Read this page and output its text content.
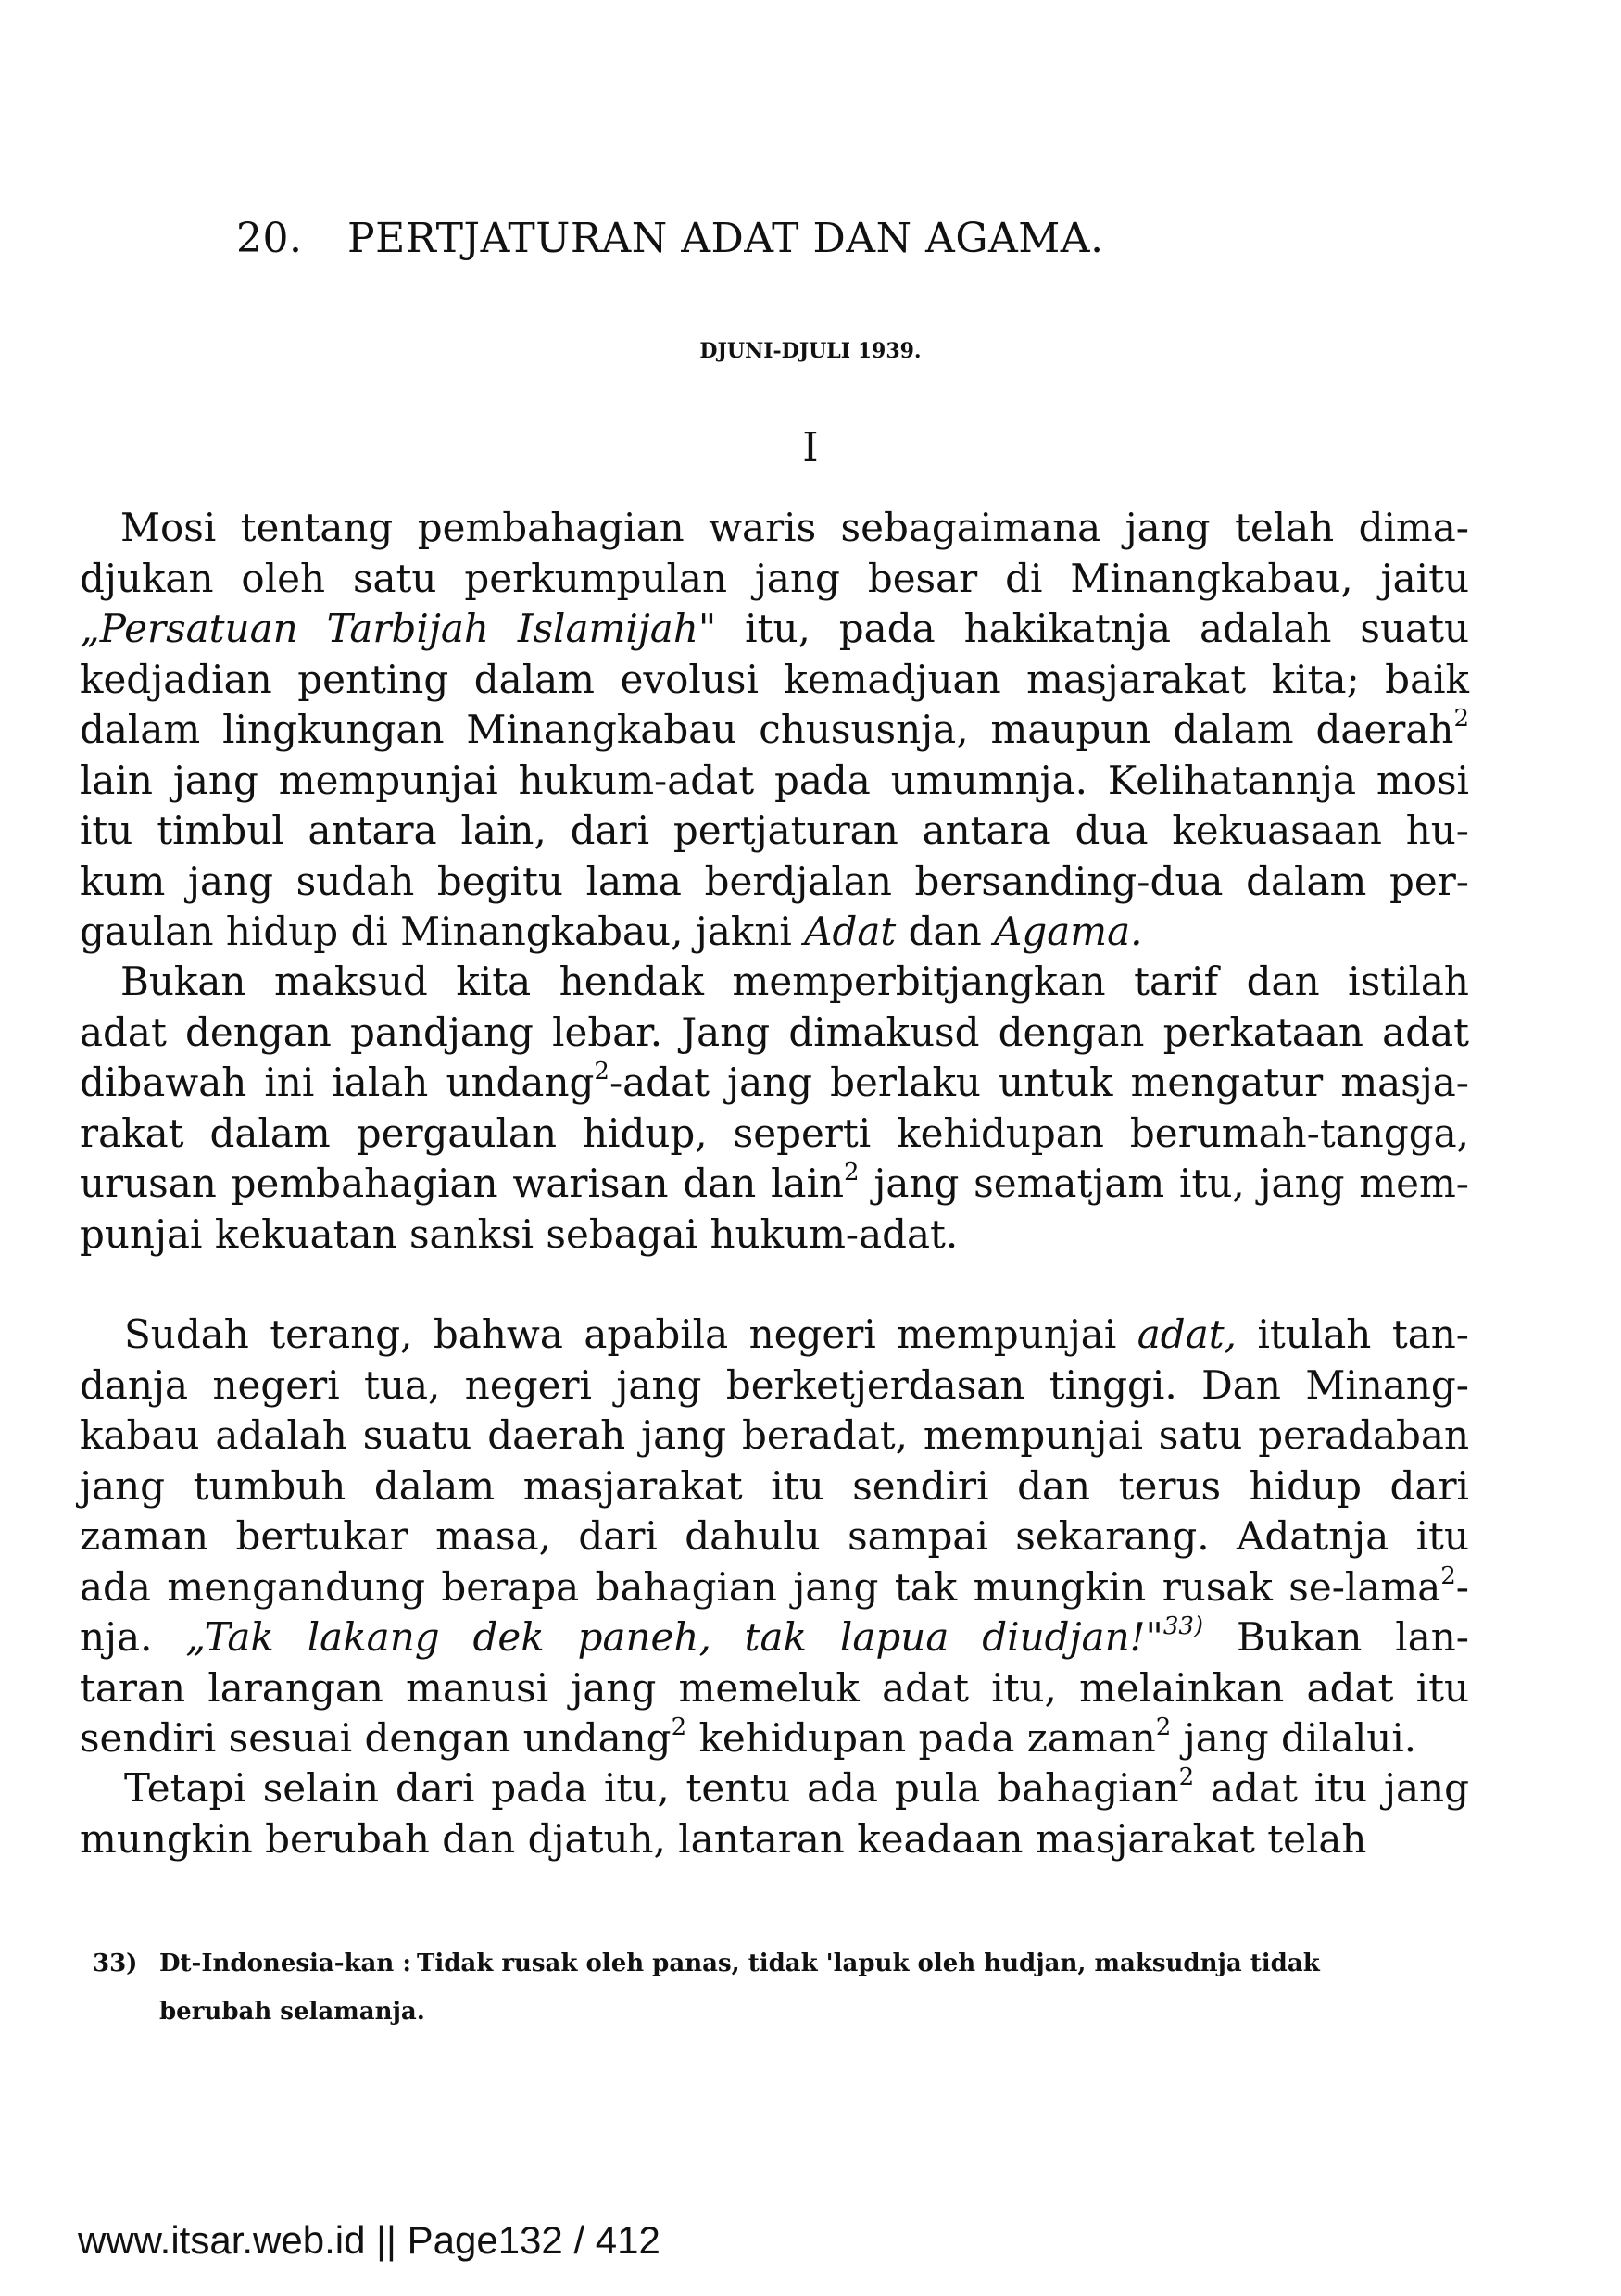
20. PERTJATURAN ADAT DAN AGAMA.
DJUNI-DJULI 1939.
I
Mosi tentang pembahagian waris sebagaimana jang telah dima-
djukan oleh satu perkumpulan jang besar di Minangkabau, jaitu
„Persatuan Tarbijah Islamijah" itu, pada hakikatnja adalah suatu
kedjadian penting dalam evolusi kemadjuan masjarakat kita; baik
dalam lingkungan Minangkabau chususnja, maupun dalam daerah$^2$
lain jang mempunjai hukum-adat pada umumnja. Kelihatannja mosi
itu timbul antara lain, dari pertjaturan antara dua kekuasaan hu-
kum jang sudah begitu lama berdjalan bersanding-dua dalam per-
gaulan hidup di Minangkabau, jakni Adat dan Agama.
Bukan maksud kita hendak memperbitjangkan tarif dan istilah
adat dengan pandjang lebar. Jang dimakusd dengan perkataan adat
dibawah ini ialah undang$^2$-adat jang berlaku untuk mengatur masja-
rakat dalam pergaulan hidup, seperti kehidupan berumah-tangga,
urusan pembahagian warisan dan lain$^2$ jang sematjam itu, jang mem-
punjai kekuatan sanksi sebagai hukum-adat.
Sudah terang, bahwa apabila negeri mempunjai adat, itulah tan-
danja negeri tua, negeri jang berketjerdasan tinggi. Dan Minang-
kabau adalah suatu daerah jang beradat, mempunjai satu peradaban
jang tumbuh dalam masjarakat itu sendiri dan terus hidup dari
zaman bertukar masa, dari dahulu sampai sekarang. Adatnja itu
ada mengandung berapa bahagian jang tak mungkin rusak se-lama$^2$-
nja. „Tak lakang dek paneh, tak lapua diudjan!"$^{33)}$ Bukan lan-
taran larangan manusi jang memeluk adat itu, melainkan adat itu
sendiri sesuai dengan undang$^2$ kehidupan pada zaman$^2$ jang dilalui.
Tetapi selain dari pada itu, tentu ada pula bahagian$^2$ adat itu jang
mungkin berubah dan djatuh, lantaran keadaan masjarakat telah
33) Dt-Indonesia-kan : Tidak rusak oleh panas, tidak 'lapuk oleh hudjan, maksudnja tidak
berubah selamanja.
www.itsar.web.id || Page132 / 412
